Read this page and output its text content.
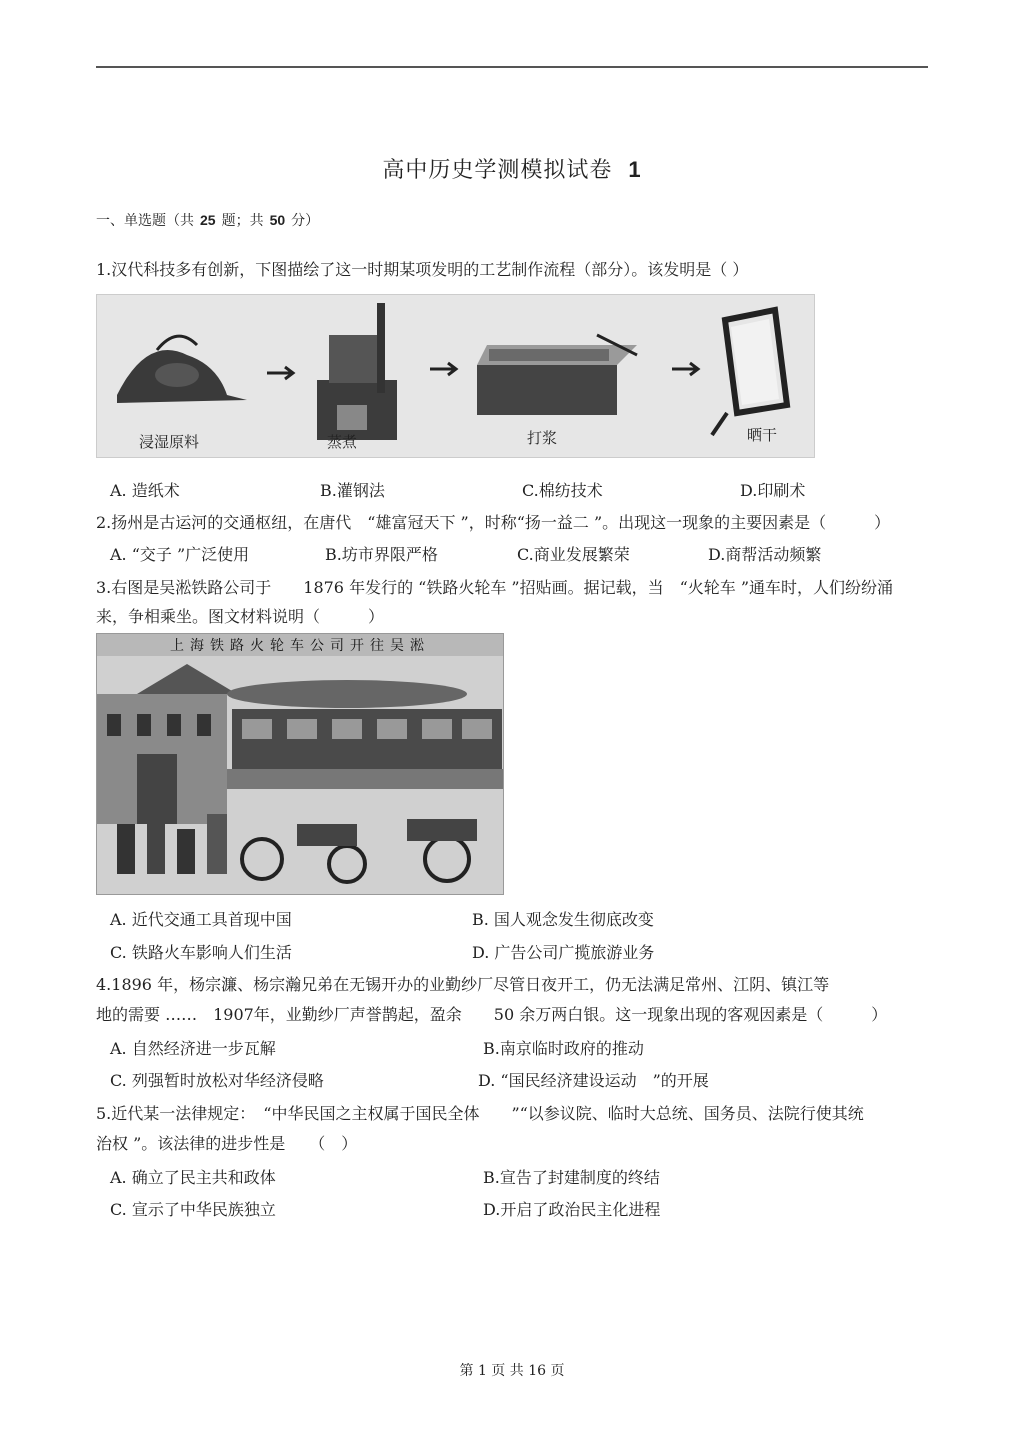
高中历史学测模拟试卷 1
一、单选题（共 25 题；共 50 分）
1.汉代科技多有创新，下图描绘了这一时期某项发明的工艺制作流程（部分）。该发明是（ ）
浸湿原料	蒸煮	打浆	晒干
A. 造纸术	B.灌钢法	C.棉纺技术	D.印刷术
2.扬州是古运河的交通枢纽，在唐代　“雄富冠天下 ”，时称“扬一益二 ”。出现这一现象的主要因素是（　　　）
A. “交子 ”广泛使用	B.坊市界限严格	C.商业发展繁荣	D.商帮活动频繁
3.右图是吴淞铁路公司于　　1876 年发行的 “铁路火轮车 ”招贴画。据记载，当　“火轮车 ”通车时，人们纷纷涌
来，争相乘坐。图文材料说明（　　　）
上海铁路火轮车公司开往吴淞
A. 近代交通工具首现中国	B. 国人观念发生彻底改变
C. 铁路火车影响人们生活	D. 广告公司广揽旅游业务
4.1896 年，杨宗濂、杨宗瀚兄弟在无锡开办的业勤纱厂尽管日夜开工，仍无法满足常州、江阴、镇江等
地的需要 ……　1907年，业勤纱厂声誉鹊起，盈余　　50 余万两白银。这一现象出现的客观因素是（　　　）
A. 自然经济进一步瓦解	B.南京临时政府的推动
C. 列强暂时放松对华经济侵略	D. “国民经济建设运动　”的开展
5.近代某一法律规定：　“中华民国之主权属于国民全体　　”“以参议院、临时大总统、国务员、法院行使其统
治权 ”。该法律的进步性是　　（　）
A. 确立了民主共和政体	B.宣告了封建制度的终结
C. 宣示了中华民族独立	D.开启了政治民主化进程
第 1 页 共 16 页
